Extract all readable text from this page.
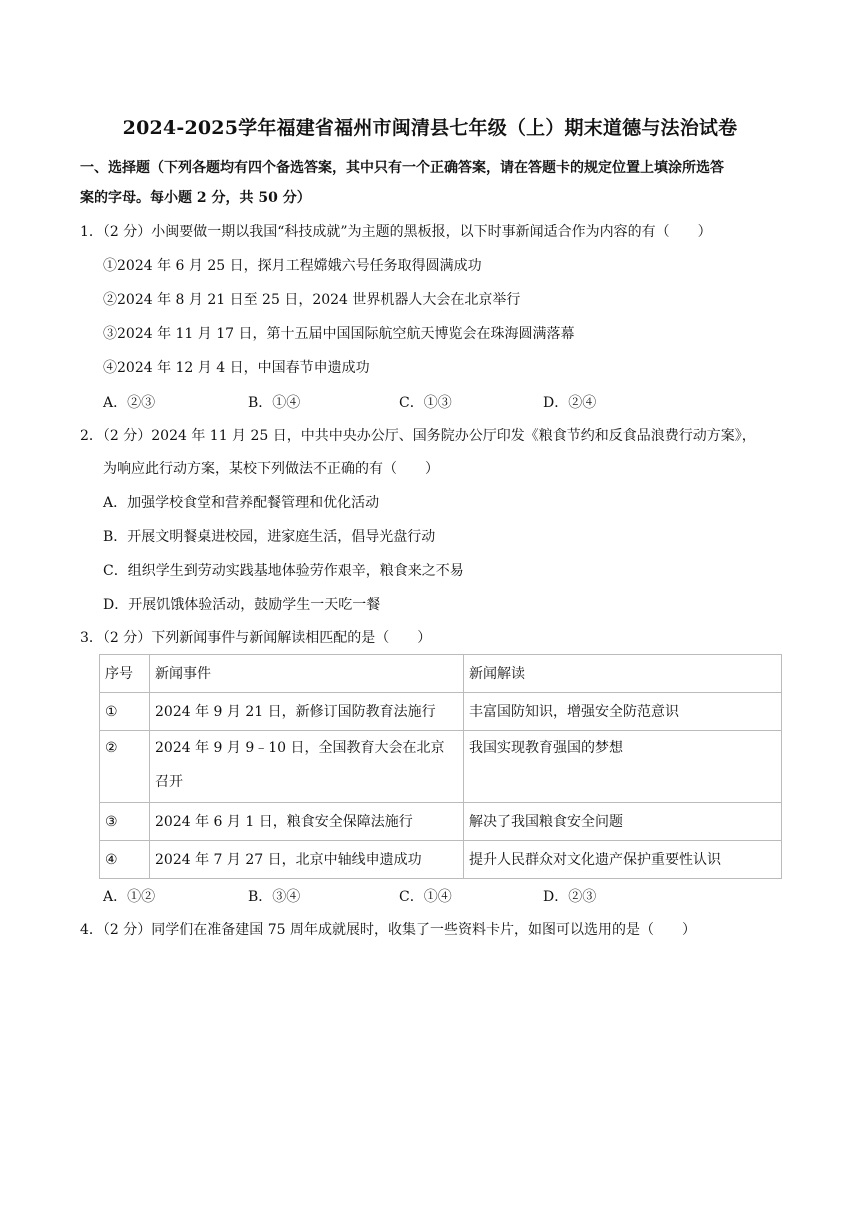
2024-2025学年福建省福州市闽清县七年级（上）期末道德与法治试卷
一、选择题（下列各题均有四个备选答案，其中只有一个正确答案，请在答题卡的规定位置上填涂所选答
案的字母。每小题 2 分，共 50 分）
1．（2 分）小闽要做一期以我国“科技成就”为主题的黑板报，以下时事新闻适合作为内容的有（　　）
①2024 年 6 月 25 日，探月工程嫦娥六号任务取得圆满成功
②2024 年 8 月 21 日至 25 日，2024 世界机器人大会在北京举行
③2024 年 11 月 17 日，第十五届中国国际航空航天博览会在珠海圆满落幕
④2024 年 12 月 4 日，中国春节申遗成功
A．②③	B．①④	C．①③	D．②④
2．（2 分）2024 年 11 月 25 日，中共中央办公厅、国务院办公厅印发《粮食节约和反食品浪费行动方案》，
为响应此行动方案，某校下列做法不正确的有（　　）
A．加强学校食堂和营养配餐管理和优化活动
B．开展文明餐桌进校园，进家庭生活，倡导光盘行动
C．组织学生到劳动实践基地体验劳作艰辛，粮食来之不易
D．开展饥饿体验活动，鼓励学生一天吃一餐
3．（2 分）下列新闻事件与新闻解读相匹配的是（　　）
序号	新闻事件	新闻解读
①	2024 年 9 月 21 日，新修订国防教育法施行	丰富国防知识，增强安全防范意识
②	2024 年 9 月 9﹣10 日，全国教育大会在北京召开	我国实现教育强国的梦想
③	2024 年 6 月 1 日，粮食安全保障法施行	解决了我国粮食安全问题
④	2024 年 7 月 27 日，北京中轴线申遗成功	提升人民群众对文化遗产保护重要性认识
A．①②	B．③④	C．①④	D．②③
4．（2 分）同学们在准备建国 75 周年成就展时，收集了一些资料卡片，如图可以选用的是（　　）
